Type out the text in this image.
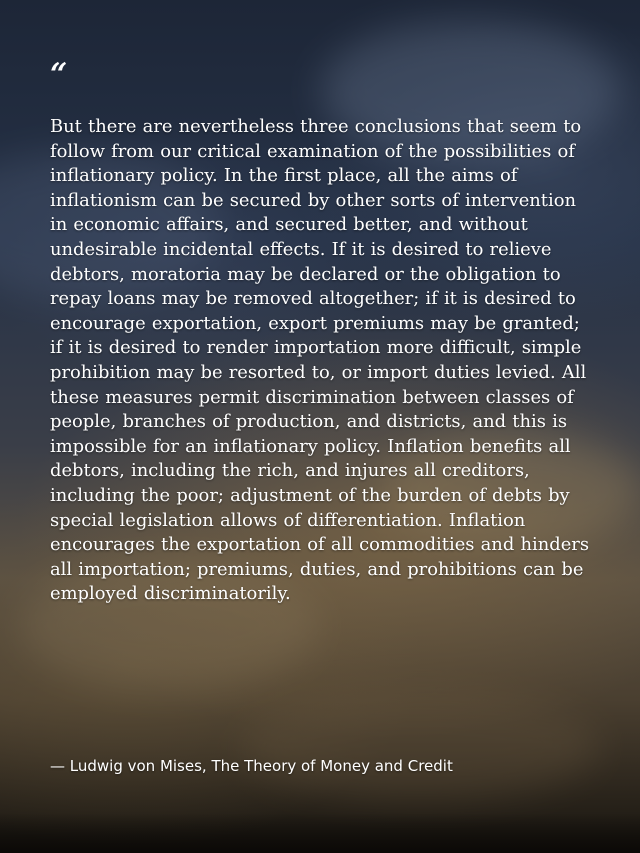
“

But there are nevertheless three conclusions that seem to follow from our critical examination of the possibilities of inflationary policy. In the first place, all the aims of inflationism can be secured by other sorts of intervention in economic affairs, and secured better, and without undesirable incidental effects. If it is desired to relieve debtors, moratoria may be declared or the obligation to repay loans may be removed altogether; if it is desired to encourage exportation, export premiums may be granted; if it is desired to render importation more difficult, simple prohibition may be resorted to, or import duties levied. All these measures permit discrimination between classes of people, branches of production, and districts, and this is impossible for an inflationary policy. Inflation benefits all debtors, including the rich, and injures all creditors, including the poor; adjustment of the burden of debts by special legislation allows of differentiation. Inflation encourages the exportation of all commodities and hinders all importation; premiums, duties, and prohibitions can be employed discriminatorily.

— Ludwig von Mises, The Theory of Money and Credit
